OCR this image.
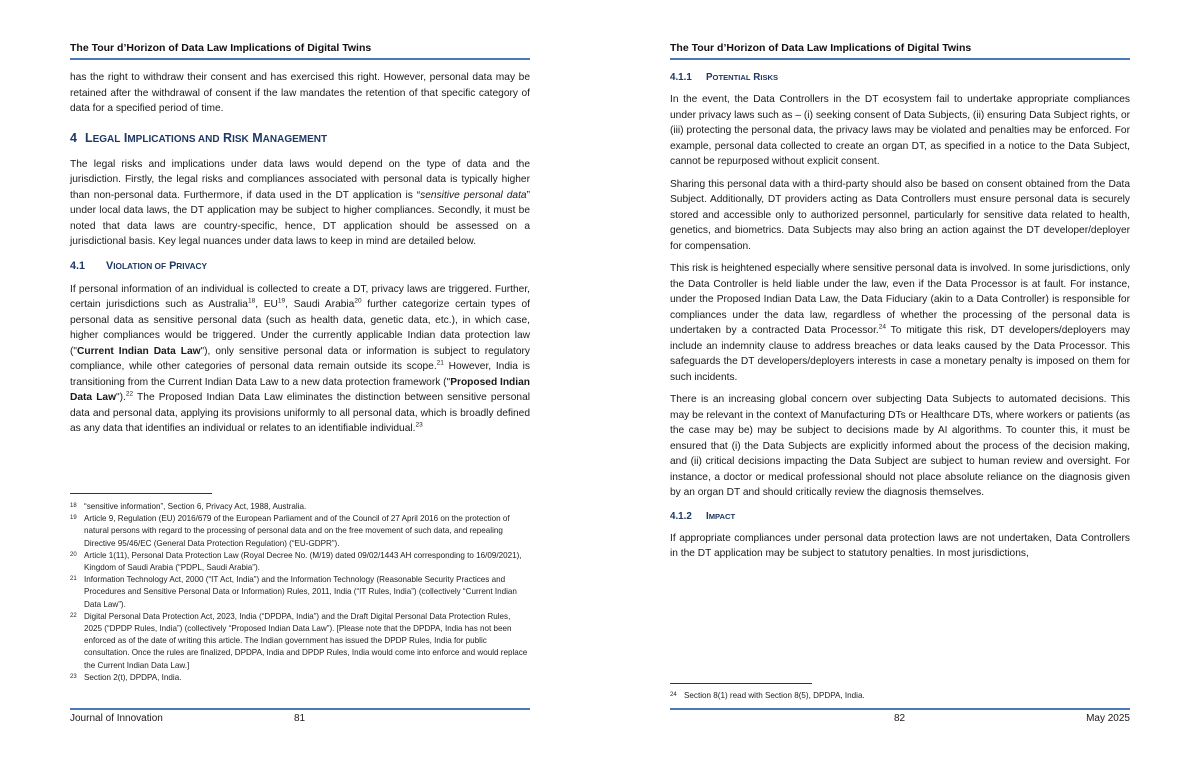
The Tour d’Horizon of Data Law Implications of Digital Twins

has the right to withdraw their consent and has exercised this right. However, personal data may be retained after the withdrawal of consent if the law mandates the retention of that specific category of data for a specified period of time.

4 LEGAL IMPLICATIONS AND RISK MANAGEMENT

The legal risks and implications under data laws would depend on the type of data and the jurisdiction. Firstly, the legal risks and compliances associated with personal data is typically higher than non-personal data. Furthermore, if data used in the DT application is “sensitive personal data” under local data laws, the DT application may be subject to higher compliances. Secondly, it must be noted that data laws are country-specific, hence, DT application should be assessed on a jurisdictional basis. Key legal nuances under data laws to keep in mind are detailed below.

4.1 VIOLATION OF PRIVACY

If personal information of an individual is collected to create a DT, privacy laws are triggered. Further, certain jurisdictions such as Australia$^{18}$, EU$^{19}$, Saudi Arabia$^{20}$ further categorize certain types of personal data as sensitive personal data (such as health data, genetic data, etc.), in which case, higher compliances would be triggered. Under the currently applicable Indian data protection law ("Current Indian Data Law"), only sensitive personal data or information is subject to regulatory compliance, while other categories of personal data remain outside its scope.$^{21}$ However, India is transitioning from the Current Indian Data Law to a new data protection framework ("Proposed Indian Data Law").$^{22}$ The Proposed Indian Data Law eliminates the distinction between sensitive personal data and personal data, applying its provisions uniformly to all personal data, which is broadly defined as any data that identifies an individual or relates to an identifiable individual.$^{23}$

18 “sensitive information”, Section 6, Privacy Act, 1988, Australia.
19 Article 9, Regulation (EU) 2016/679 of the European Parliament and of the Council of 27 April 2016 on the protection of natural persons with regard to the processing of personal data and on the free movement of such data, and repealing Directive 95/46/EC (General Data Protection Regulation) (“EU-GDPR”).
20 Article 1(11), Personal Data Protection Law (Royal Decree No. (M/19) dated 09/02/1443 AH corresponding to 16/09/2021), Kingdom of Saudi Arabia (“PDPL, Saudi Arabia”).
21 Information Technology Act, 2000 (“IT Act, India”) and the Information Technology (Reasonable Security Practices and Procedures and Sensitive Personal Data or Information) Rules, 2011, India (“IT Rules, India”) (collectively “Current Indian Data Law”).
22 Digital Personal Data Protection Act, 2023, India (“DPDPA, India”) and the Draft Digital Personal Data Protection Rules, 2025 (“DPDP Rules, India”) (collectively “Proposed Indian Data Law”). [Please note that the DPDPA, India has not been enforced as of the date of writing this article. The Indian government has issued the DPDP Rules, India for public consultation. Once the rules are finalized, DPDPA, India and DPDP Rules, India would come into enforce and would replace the Current Indian Data Law.]
23 Section 2(t), DPDPA, India.
Journal of Innovation	81
The Tour d’Horizon of Data Law Implications of Digital Twins
4.1.1 POTENTIAL RISKS

In the event, the Data Controllers in the DT ecosystem fail to undertake appropriate compliances under privacy laws such as – (i) seeking consent of Data Subjects, (ii) ensuring Data Subject rights, or (iii) protecting the personal data, the privacy laws may be violated and penalties may be enforced. For example, personal data collected to create an organ DT, as specified in a notice to the Data Subject, cannot be repurposed without explicit consent.

Sharing this personal data with a third-party should also be based on consent obtained from the Data Subject. Additionally, DT providers acting as Data Controllers must ensure personal data is securely stored and accessible only to authorized personnel, particularly for sensitive data related to health, genetics, and biometrics. Data Subjects may also bring an action against the DT developer/deployer for compensation.

This risk is heightened especially where sensitive personal data is involved. In some jurisdictions, only the Data Controller is held liable under the law, even if the Data Processor is at fault. For instance, under the Proposed Indian Data Law, the Data Fiduciary (akin to a Data Controller) is responsible for compliances under the data law, regardless of whether the processing of the personal data is undertaken by a contracted Data Processor.$^{24}$ To mitigate this risk, DT developers/deployers may include an indemnity clause to address breaches or data leaks caused by the Data Processor. This safeguards the DT developers/deployers interests in case a monetary penalty is imposed on them for such incidents.

There is an increasing global concern over subjecting Data Subjects to automated decisions. This may be relevant in the context of Manufacturing DTs or Healthcare DTs, where workers or patients (as the case may be) may be subject to decisions made by AI algorithms. To counter this, it must be ensured that (i) the Data Subjects are explicitly informed about the process of the decision making, and (ii) critical decisions impacting the Data Subject are subject to human review and oversight. For instance, a doctor or medical professional should not place absolute reliance on the diagnosis given by an organ DT and should critically review the diagnosis themselves.

4.1.2 IMPACT

If appropriate compliances under personal data protection laws are not undertaken, Data Controllers in the DT application may be subject to statutory penalties. In most jurisdictions,

24 Section 8(1) read with Section 8(5), DPDPA, India.
82	May 2025
